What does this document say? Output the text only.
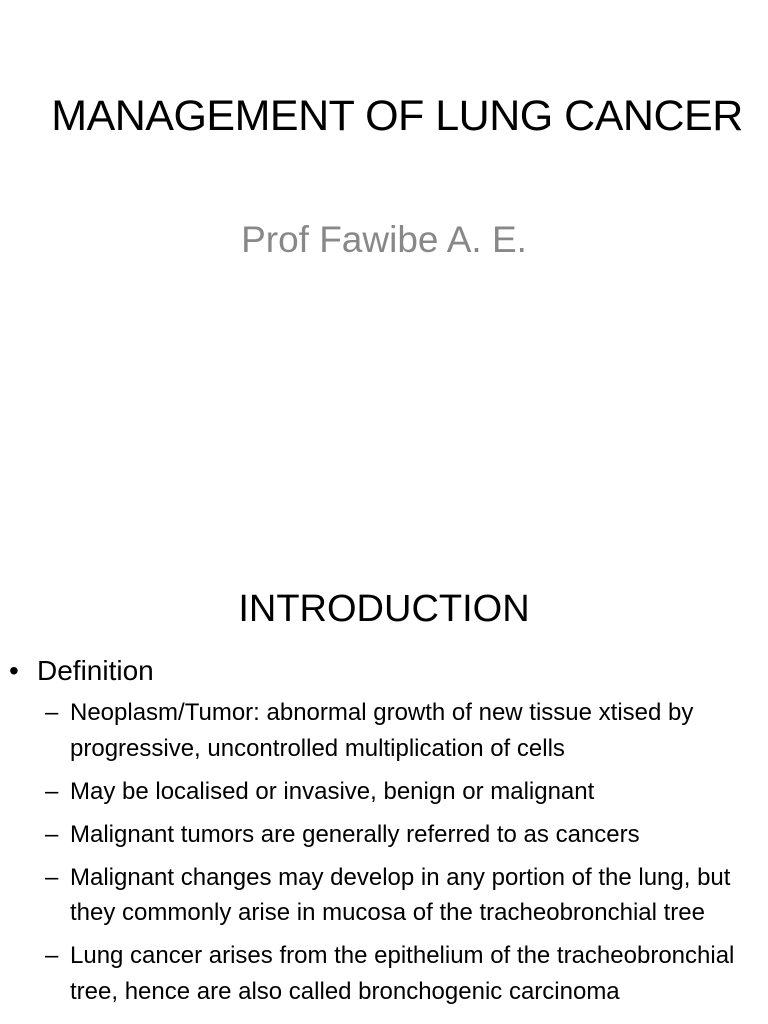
MANAGEMENT OF LUNG CANCER
Prof Fawibe A. E.
INTRODUCTION
• Definition
– Neoplasm/Tumor: abnormal growth of new tissue xtised by progressive, uncontrolled multiplication of cells
– May be localised or invasive, benign or malignant
– Malignant tumors are generally referred to as cancers
– Malignant changes may develop in any portion of the lung, but they commonly arise in mucosa of the tracheobronchial tree
– Lung cancer arises from the epithelium of the tracheobronchial tree, hence are also called bronchogenic carcinoma
